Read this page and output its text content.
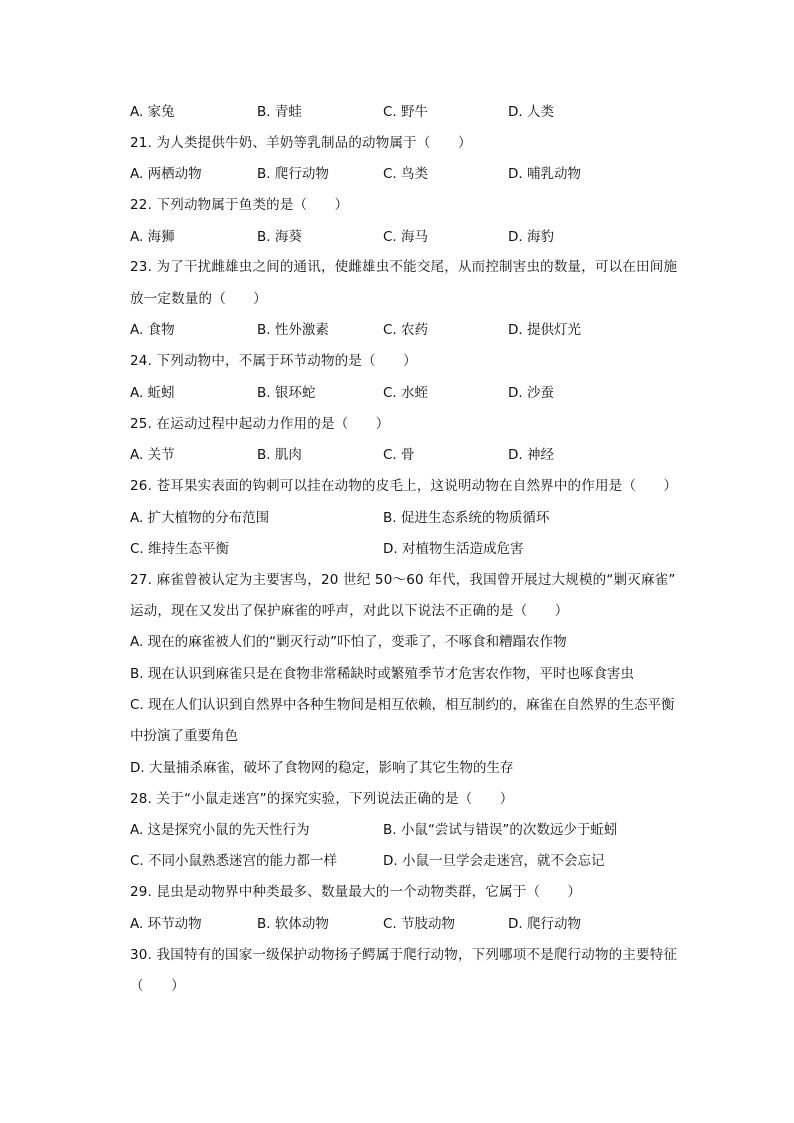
A. 家兔	B. 青蛙	C. 野牛	D. 人类
21. 为人类提供牛奶、羊奶等乳制品的动物属于（　　）
A. 两栖动物	B. 爬行动物	C. 鸟类	D. 哺乳动物
22. 下列动物属于鱼类的是（　　）
A. 海狮	B. 海葵	C. 海马	D. 海豹
23. 为了干扰雌雄虫之间的通讯，使雌雄虫不能交尾，从而控制害虫的数量，可以在田间施
放一定数量的（　　）
A. 食物	B. 性外激素	C. 农药	D. 提供灯光
24. 下列动物中，不属于环节动物的是（　　）
A. 蚯蚓	B. 银环蛇	C. 水蛭	D. 沙蚕
25. 在运动过程中起动力作用的是（　　）
A. 关节	B. 肌肉	C. 骨	D. 神经
26. 苍耳果实表面的钩刺可以挂在动物的皮毛上，这说明动物在自然界中的作用是（　　）
A. 扩大植物的分布范围	B. 促进生态系统的物质循环
C. 维持生态平衡	D. 对植物生活造成危害
27. 麻雀曾被认定为主要害鸟，20 世纪 50～60 年代，我国曾开展过大规模的“剿灭麻雀”
运动，现在又发出了保护麻雀的呼声，对此以下说法不正确的是（　　）
A. 现在的麻雀被人们的“剿灭行动”吓怕了，变乖了，不啄食和糟蹋农作物
B. 现在认识到麻雀只是在食物非常稀缺时或繁殖季节才危害农作物，平时也啄食害虫
C. 现在人们认识到自然界中各种生物间是相互依赖，相互制约的，麻雀在自然界的生态平衡
中扮演了重要角色
D. 大量捕杀麻雀，破坏了食物网的稳定，影响了其它生物的生存
28. 关于“小鼠走迷宫”的探究实验，下列说法正确的是（　　）
A. 这是探究小鼠的先天性行为	B. 小鼠“尝试与错误”的次数远少于蚯蚓
C. 不同小鼠熟悉迷宫的能力都一样	D. 小鼠一旦学会走迷宫，就不会忘记
29. 昆虫是动物界中种类最多、数量最大的一个动物类群，它属于（　　）
A. 环节动物	B. 软体动物	C. 节肢动物	D. 爬行动物
30. 我国特有的国家一级保护动物扬子鳄属于爬行动物，下列哪项不是爬行动物的主要特征
（　　）
